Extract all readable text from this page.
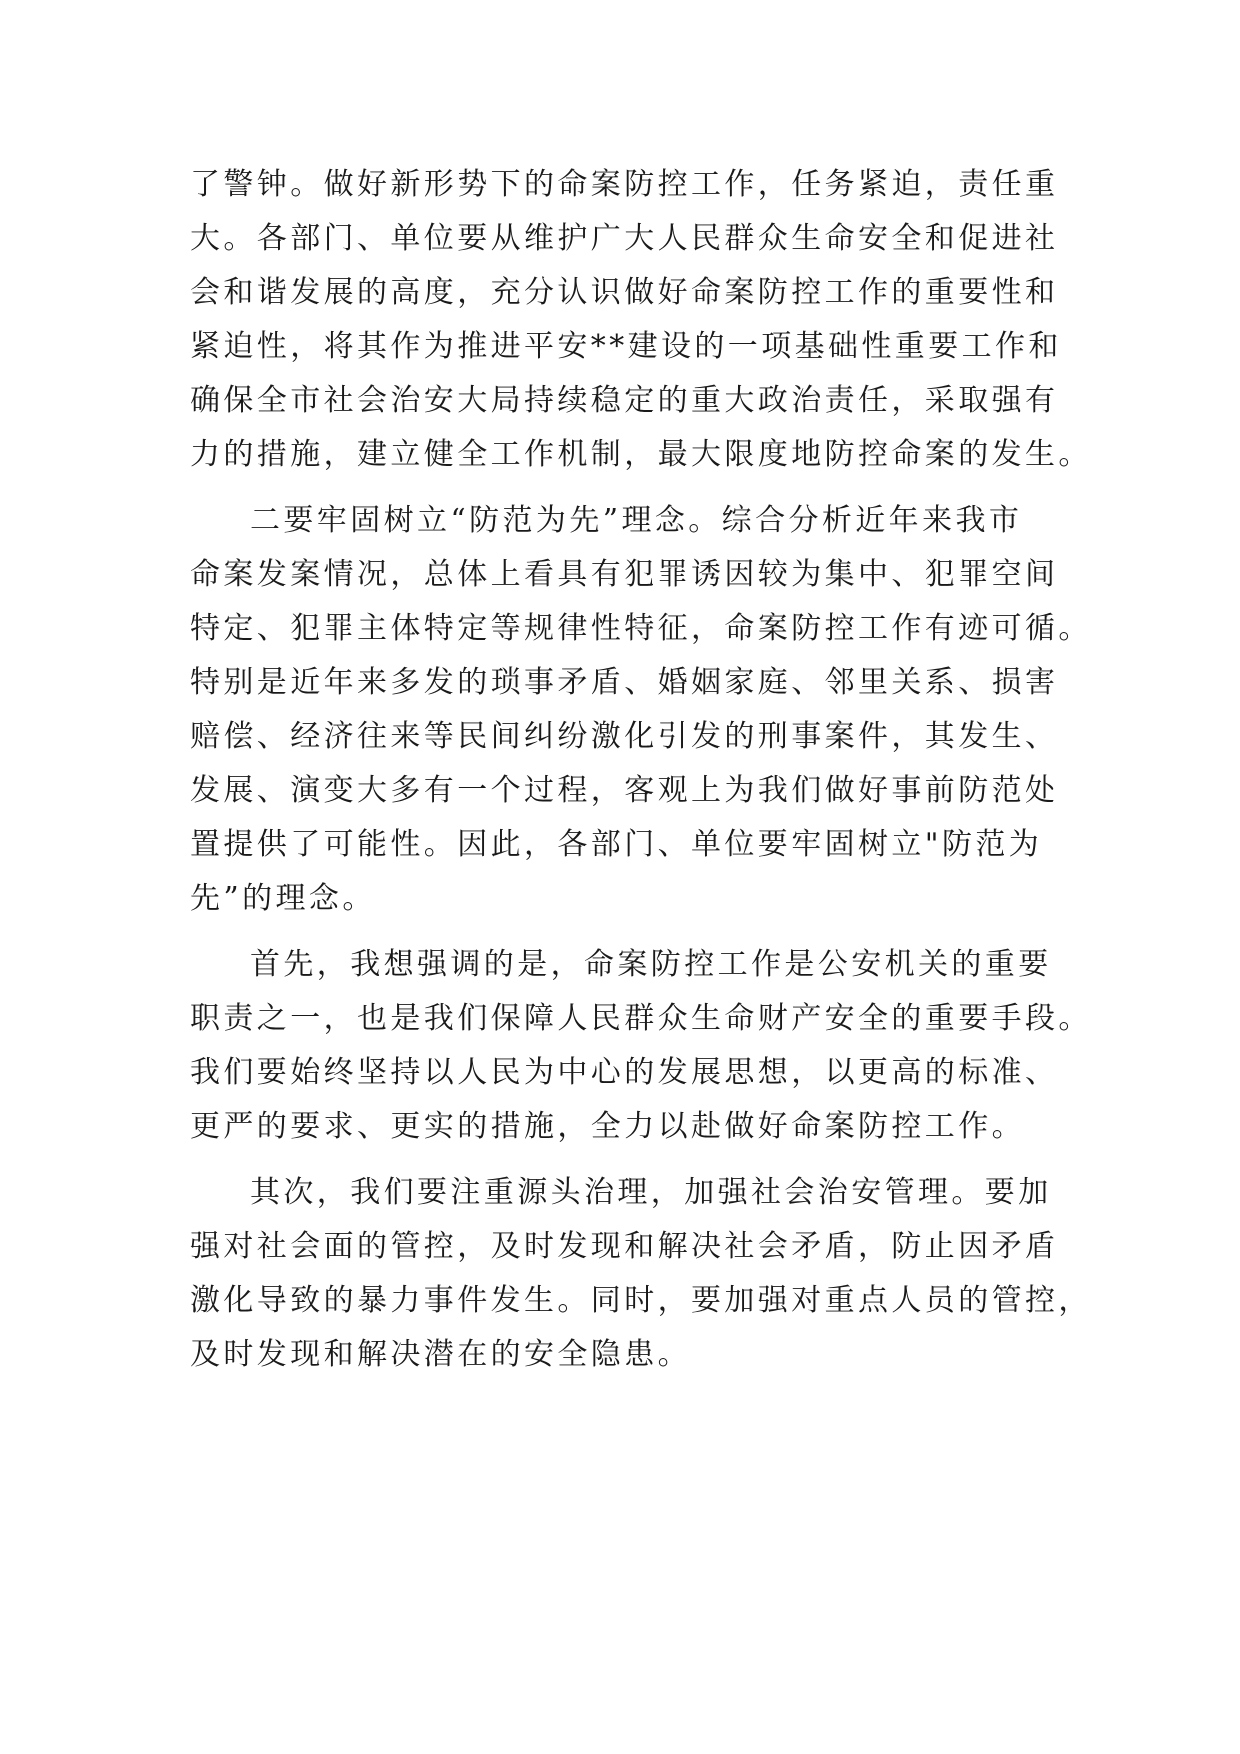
了警钟。做好新形势下的命案防控工作，任务紧迫，责任重
大。各部门、单位要从维护广大人民群众生命安全和促进社
会和谐发展的高度，充分认识做好命案防控工作的重要性和
紧迫性，将其作为推进平安**建设的一项基础性重要工作和
确保全市社会治安大局持续稳定的重大政治责任，采取强有
力的措施，建立健全工作机制，最大限度地防控命案的发生。

二要牢固树立“防范为先”理念。综合分析近年来我市
命案发案情况，总体上看具有犯罪诱因较为集中、犯罪空间
特定、犯罪主体特定等规律性特征，命案防控工作有迹可循。
特别是近年来多发的琐事矛盾、婚姻家庭、邻里关系、损害
赔偿、经济往来等民间纠纷激化引发的刑事案件，其发生、
发展、演变大多有一个过程，客观上为我们做好事前防范处
置提供了可能性。因此，各部门、单位要牢固树立"防范为
先”的理念。

首先，我想强调的是，命案防控工作是公安机关的重要
职责之一，也是我们保障人民群众生命财产安全的重要手段。
我们要始终坚持以人民为中心的发展思想，以更高的标准、
更严的要求、更实的措施，全力以赴做好命案防控工作。

其次，我们要注重源头治理，加强社会治安管理。要加
强对社会面的管控，及时发现和解决社会矛盾，防止因矛盾
激化导致的暴力事件发生。同时，要加强对重点人员的管控，
及时发现和解决潜在的安全隐患。
